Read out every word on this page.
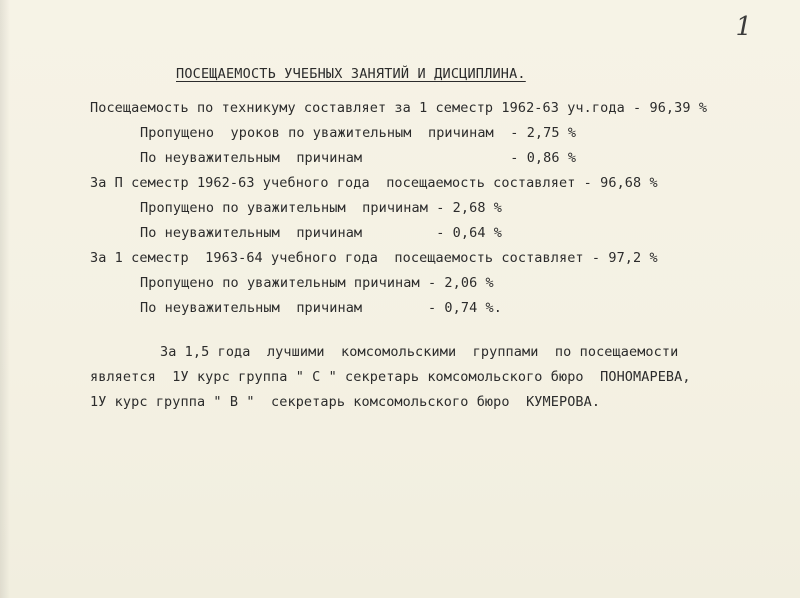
1
ПОСЕЩАЕМОСТЬ УЧЕБНЫХ ЗАНЯТИЙ И ДИСЦИПЛИНА.
Посещаемость по техникуму составляет за 1 семестр 1962-63 уч.года - 96,39 %
Пропущено  уроков по уважительным  причинам  - 2,75 %
По неуважительным  причинам                  - 0,86 %
За П семестр 1962-63 учебного года  посещаемость составляет - 96,68 %
Пропущено по уважительным  причинам - 2,68 %
По неуважительным  причинам         - 0,64 %
За 1 семестр  1963-64 учебного года  посещаемость составляет - 97,2 %
Пропущено по уважительным причинам - 2,06 %
По неуважительным  причинам        - 0,74 %.
За 1,5 года  лучшими  комсомольскими  группами  по посещаемости
является  1У курс группа " С " секретарь комсомольского бюро  ПОНОМАРЕВА,
1У курс группа " В "  секретарь комсомольского бюро  КУМЕРОВА.
